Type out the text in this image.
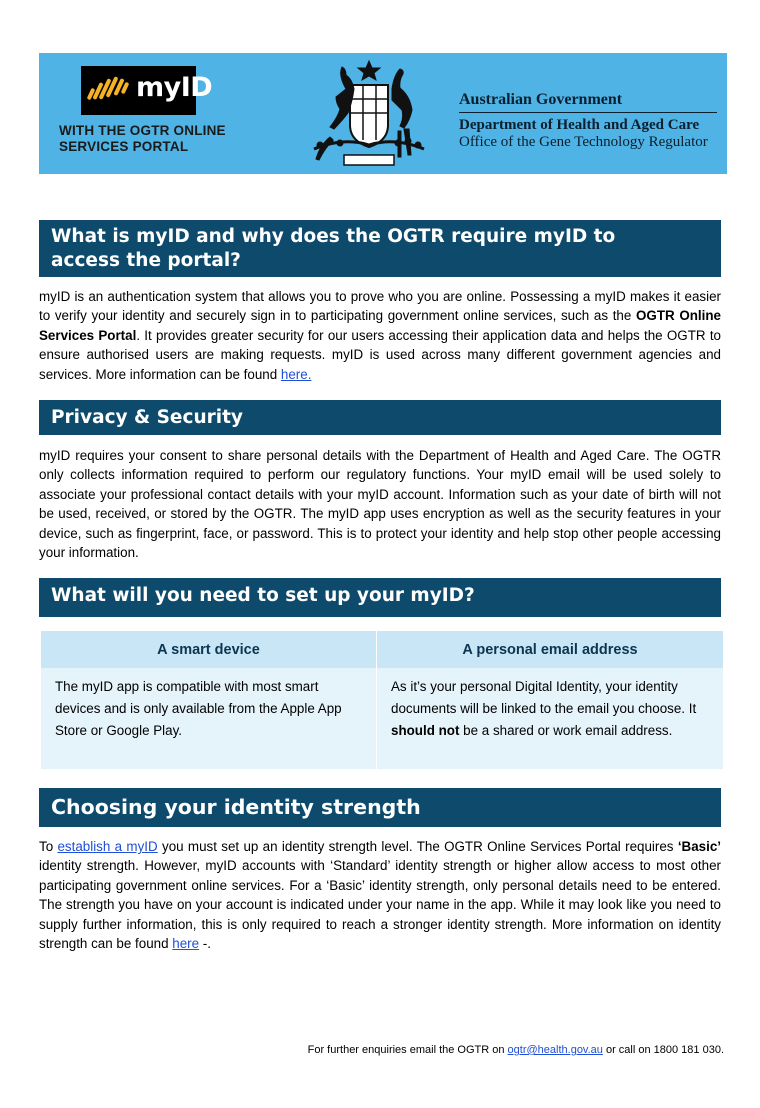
myID
WITH THE OGTR ONLINE
SERVICES PORTAL
Australian Government
Department of Health and Aged Care
Office of the Gene Technology Regulator
What is myID and why does the OGTR require myID to
access the portal?

myID is an authentication system that allows you to prove who you are online. Possessing a myID makes it easier to verify your identity and securely sign in to participating government online services, such as the OGTR Online Services Portal. It provides greater security for our users accessing their application data and helps the OGTR to ensure authorised users are making requests. myID is used across many different government agencies and services. More information can be found here.

Privacy & Security

myID requires your consent to share personal details with the Department of Health and Aged Care. The OGTR only collects information required to perform our regulatory functions. Your myID email will be used solely to associate your professional contact details with your myID account. Information such as your date of birth will not be used, received, or stored by the OGTR. The myID app uses encryption as well as the security features in your device, such as fingerprint, face, or password. This is to protect your identity and help stop other people accessing your information.

What will you need to set up your myID?
A smart device	A personal email address
The myID app is compatible with most smart devices and is only available from the Apple App Store or Google Play.	As it’s your personal Digital Identity, your identity documents will be linked to the email you choose. It should not be a shared or work email address.
Choosing your identity strength

To establish a myID you must set up an identity strength level. The OGTR Online Services Portal requires ‘Basic’ identity strength. However, myID accounts with ‘Standard’ identity strength or higher allow access to most other participating government online services. For a ‘Basic’ identity strength, only personal details need to be entered. The strength you have on your account is indicated under your name in the app. While it may look like you need to supply further information, this is only required to reach a stronger identity strength. More information on identity strength can be found here -.

For further enquiries email the OGTR on ogtr@health.gov.au or call on 1800 181 030.
